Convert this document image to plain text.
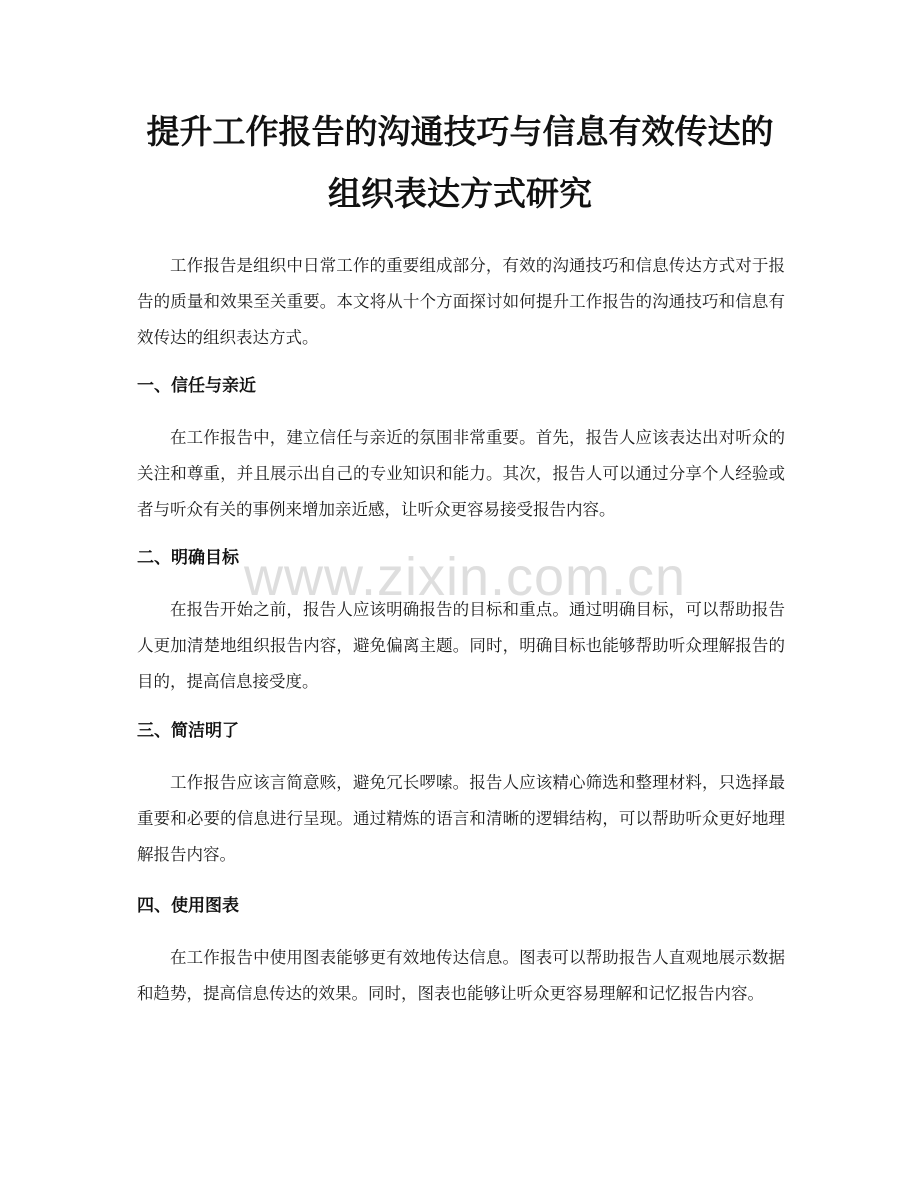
提升工作报告的沟通技巧与信息有效传达的
组织表达方式研究

工作报告是组织中日常工作的重要组成部分，有效的沟通技巧和信息传达方式对于报告的质量和效果至关重要。本文将从十个方面探讨如何提升工作报告的沟通技巧和信息有效传达的组织表达方式。

一、信任与亲近

在工作报告中，建立信任与亲近的氛围非常重要。首先，报告人应该表达出对听众的关注和尊重，并且展示出自己的专业知识和能力。其次，报告人可以通过分享个人经验或者与听众有关的事例来增加亲近感，让听众更容易接受报告内容。

二、明确目标

在报告开始之前，报告人应该明确报告的目标和重点。通过明确目标，可以帮助报告人更加清楚地组织报告内容，避免偏离主题。同时，明确目标也能够帮助听众理解报告的目的，提高信息接受度。

三、简洁明了

工作报告应该言简意赅，避免冗长啰嗦。报告人应该精心筛选和整理材料，只选择最重要和必要的信息进行呈现。通过精炼的语言和清晰的逻辑结构，可以帮助听众更好地理解报告内容。

四、使用图表

在工作报告中使用图表能够更有效地传达信息。图表可以帮助报告人直观地展示数据和趋势，提高信息传达的效果。同时，图表也能够让听众更容易理解和记忆报告内容。

www.zixin.com.cn
